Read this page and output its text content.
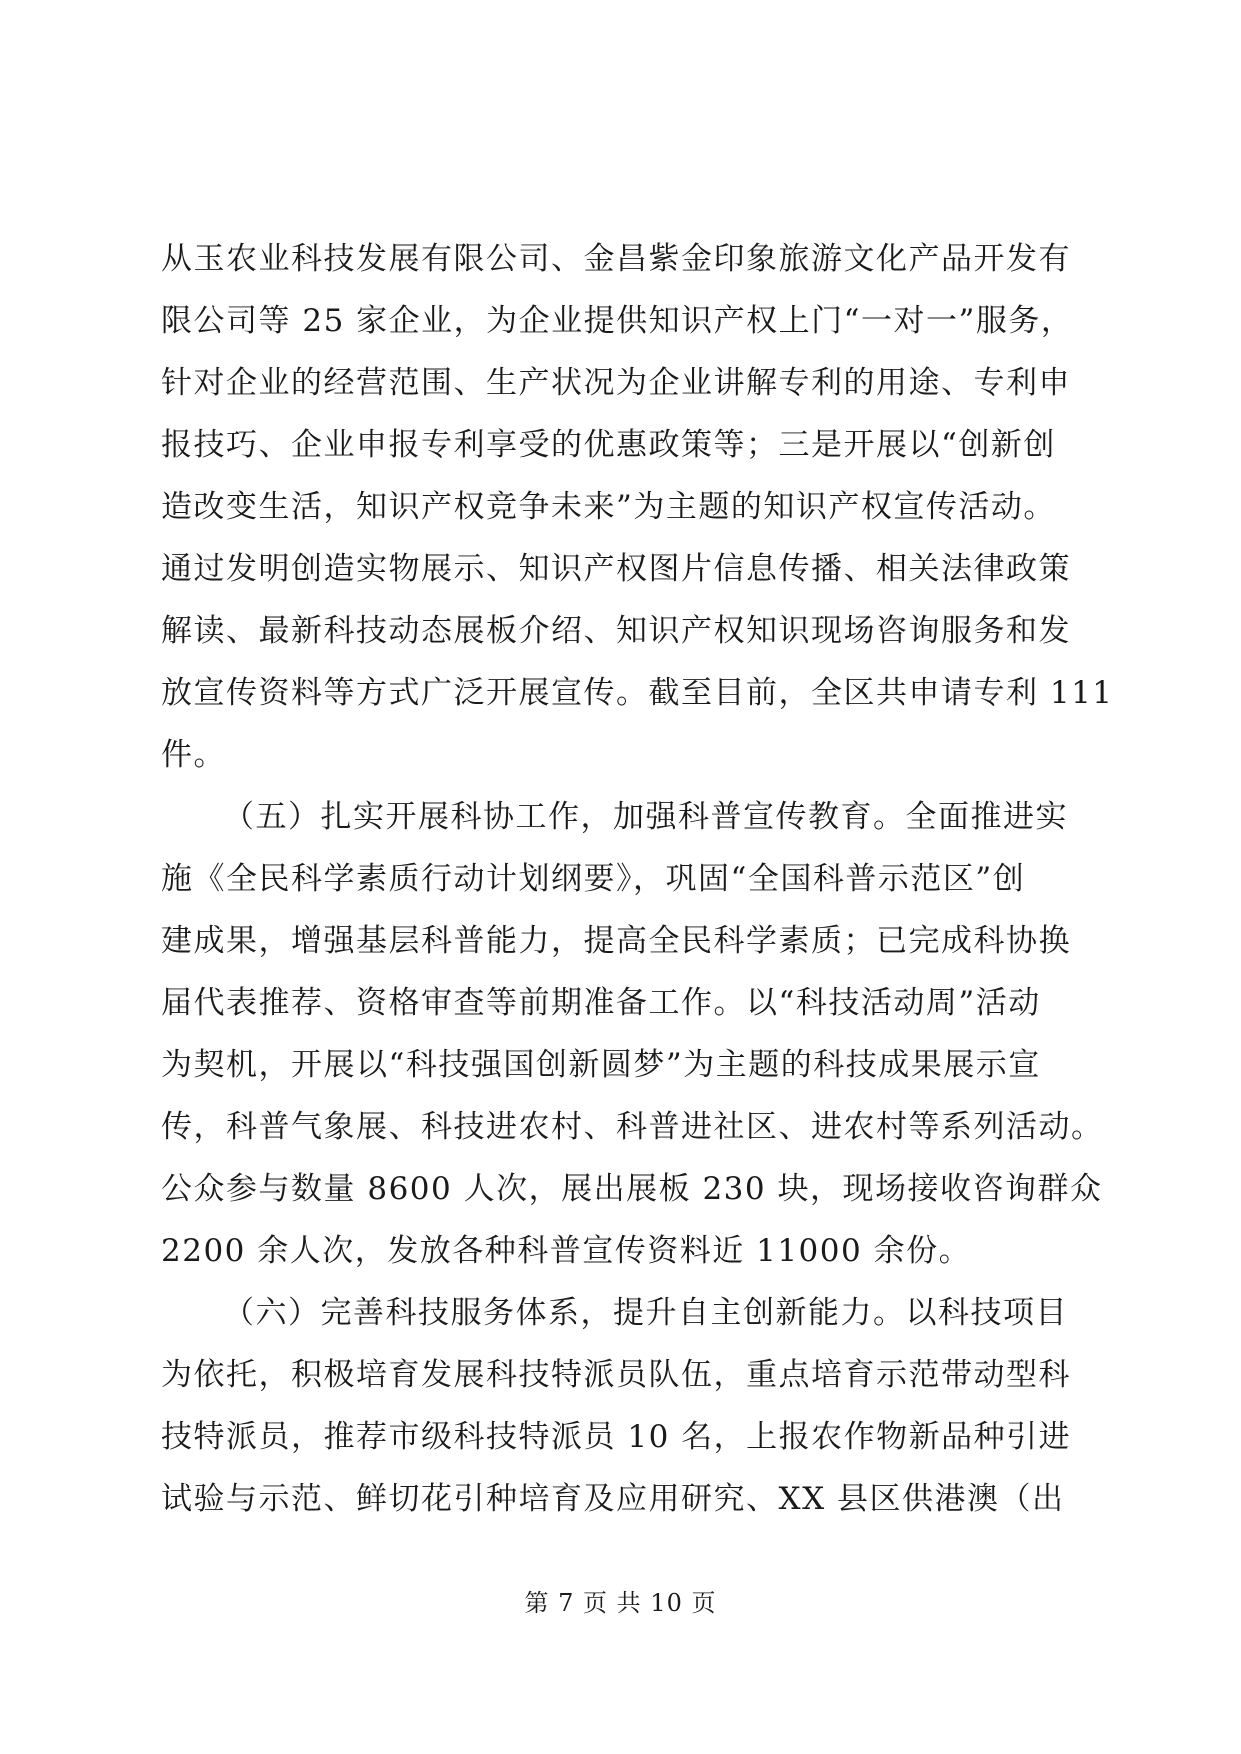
从玉农业科技发展有限公司、金昌紫金印象旅游文化产品开发有
限公司等 25 家企业，为企业提供知识产权上门“一对一”服务，
针对企业的经营范围、生产状况为企业讲解专利的用途、专利申
报技巧、企业申报专利享受的优惠政策等；三是开展以“创新创
造改变生活，知识产权竞争未来”为主题的知识产权宣传活动。
通过发明创造实物展示、知识产权图片信息传播、相关法律政策
解读、最新科技动态展板介绍、知识产权知识现场咨询服务和发
放宣传资料等方式广泛开展宣传。截至目前，全区共申请专利 111
件。
（五）扎实开展科协工作，加强科普宣传教育。全面推进实
施《全民科学素质行动计划纲要》，巩固“全国科普示范区”创
建成果，增强基层科普能力，提高全民科学素质；已完成科协换
届代表推荐、资格审查等前期准备工作。以“科技活动周”活动
为契机，开展以“科技强国创新圆梦”为主题的科技成果展示宣
传，科普气象展、科技进农村、科普进社区、进农村等系列活动。
公众参与数量 8600 人次，展出展板 230 块，现场接收咨询群众
2200 余人次，发放各种科普宣传资料近 11000 余份。
（六）完善科技服务体系，提升自主创新能力。以科技项目
为依托，积极培育发展科技特派员队伍，重点培育示范带动型科
技特派员，推荐市级科技特派员 10 名，上报农作物新品种引进
试验与示范、鲜切花引种培育及应用研究、XX 县区供港澳（出
第 7 页 共 10 页
